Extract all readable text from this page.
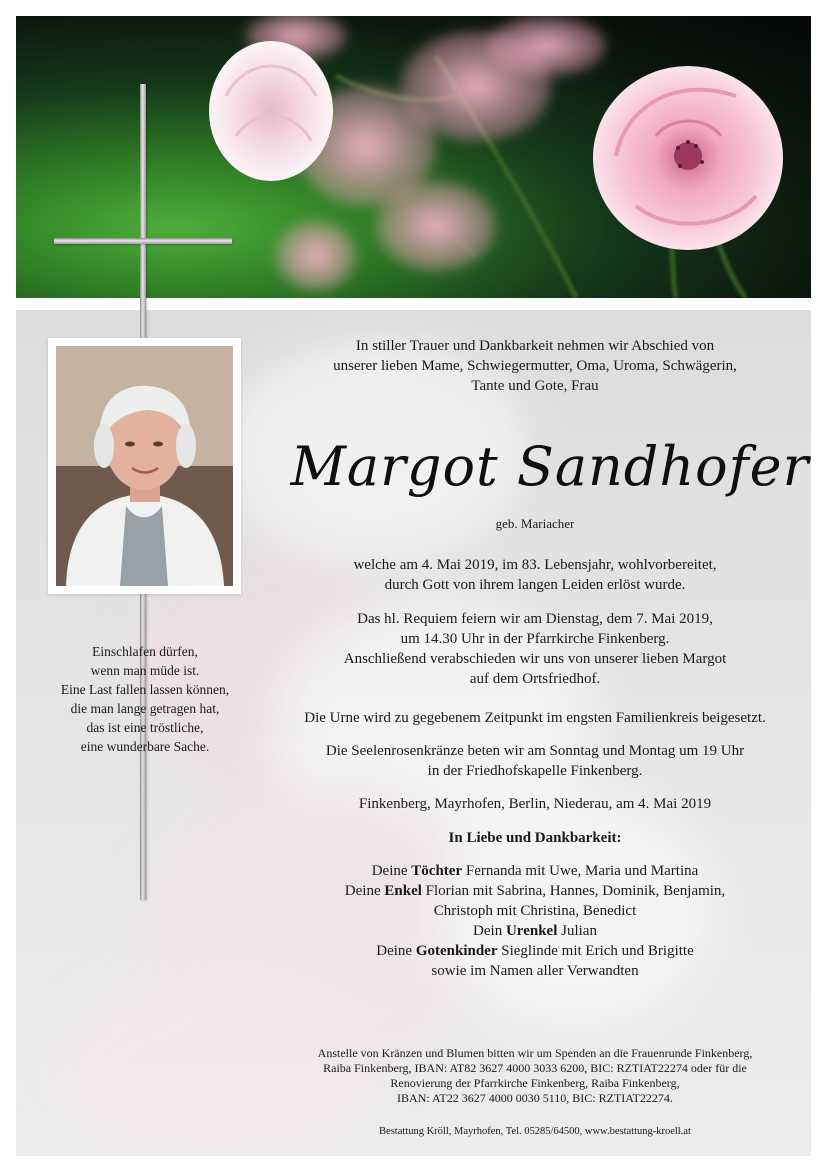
Einschlafen dürfen,
wenn man müde ist.
Eine Last fallen lassen können,
die man lange getragen hat,
das ist eine tröstliche,
eine wunderbare Sache.
In stiller Trauer und Dankbarkeit nehmen wir Abschied von
unserer lieben Mame, Schwiegermutter, Oma, Uroma, Schwägerin,
Tante und Gote, Frau
Margot Sandhofer
geb. Mariacher
welche am 4. Mai 2019, im 83. Lebensjahr, wohlvorbereitet,
durch Gott von ihrem langen Leiden erlöst wurde.
Das hl. Requiem feiern wir am Dienstag, dem 7. Mai 2019,
um 14.30 Uhr in der Pfarrkirche Finkenberg.
Anschließend verabschieden wir uns von unserer lieben Margot
auf dem Ortsfriedhof.
Die Urne wird zu gegebenem Zeitpunkt im engsten Familienkreis beigesetzt.
Die Seelenrosenkränze beten wir am Sonntag und Montag um 19 Uhr
in der Friedhofskapelle Finkenberg.
Finkenberg, Mayrhofen, Berlin, Niederau, am 4. Mai 2019
In Liebe und Dankbarkeit:
Deine Töchter Fernanda mit Uwe, Maria und Martina
Deine Enkel Florian mit Sabrina, Hannes, Dominik, Benjamin,
Christoph mit Christina, Benedict
Dein Urenkel Julian
Deine Gotenkinder Sieglinde mit Erich und Brigitte
sowie im Namen aller Verwandten
Anstelle von Kränzen und Blumen bitten wir um Spenden an die Frauenrunde Finkenberg,
Raiba Finkenberg, IBAN: AT82 3627 4000 3033 6200, BIC: RZTIAT22274 oder für die
Renovierung der Pfarrkirche Finkenberg, Raiba Finkenberg,
IBAN: AT22 3627 4000 0030 5110, BIC: RZTIAT22274.
Bestattung Kröll, Mayrhofen, Tel. 05285/64500, www.bestattung-kroell.at
